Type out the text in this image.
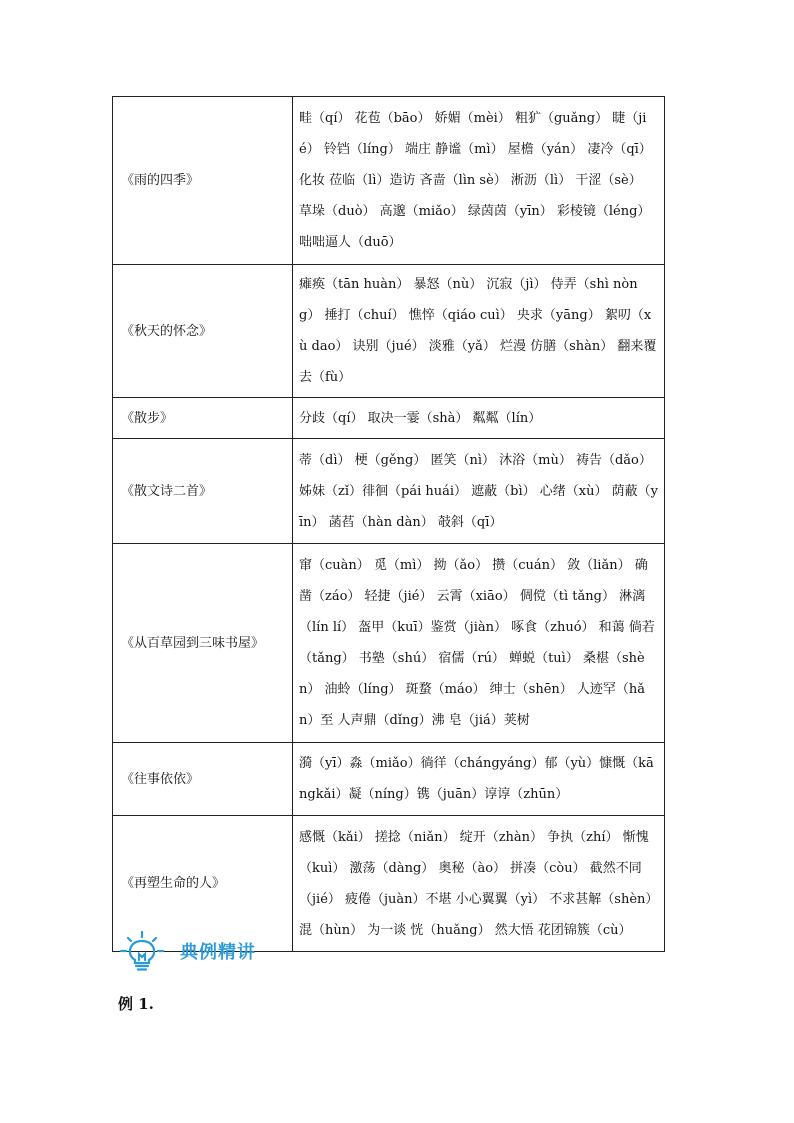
《雨的四季》	畦（qí） 花苞（bāo） 娇媚（mèi） 粗犷（guǎng） 睫（jié） 铃铛（líng） 端庄 静谧（mì） 屋檐（yán） 凄冷（qī） 化妆 莅临（lì）造访 吝啬（lìn sè） 淅沥（lì） 干涩（sè） 草垛（duò） 高邈（miǎo） 绿茵茵（yīn） 彩棱镜（léng） 咄咄逼人（duō）
《秋天的怀念》	瘫痪（tān huàn） 暴怒（nù） 沉寂（jì） 侍弄（shì nòng） 捶打（chuí） 憔悴（qiáo cuì） 央求（yāng） 絮叨（xù dao） 诀别（jué） 淡雅（yǎ） 烂漫 仿膳（shàn） 翻来覆去（fù）
《散步》	分歧（qí） 取决一霎（shà） 粼粼（lín）
《散文诗二首》	蒂（dì） 梗（gěng） 匿笑（nì） 沐浴（mù） 祷告（dǎo） 姊妹（zǐ）徘徊（pái huái） 遮蔽（bì） 心绪（xù） 荫蔽（yīn） 菡萏（hàn dàn） 攲斜（qī）
《从百草园到三味书屋》	窜（cuàn） 觅（mì） 拗（ǎo） 攒（cuán） 敛（liǎn） 确凿（záo） 轻捷（jié） 云霄（xiāo） 倜傥（tì tǎng） 淋漓（lín lí） 盔甲（kuī）鉴赏（jiàn） 啄食（zhuó） 和蔼 倘若（tǎng） 书塾（shú） 宿儒（rú） 蝉蜕（tuì） 桑椹（shèn） 油蛉（líng） 斑蝥（máo） 绅士（shēn） 人迹罕（hǎn）至 人声鼎（dǐng）沸 皂（jiá）荚树
《往事依依》	漪（yī）淼（miǎo）徜徉（chángyáng）郁（yù）慷慨（kāngkǎi）凝（níng）镌（juān）谆谆（zhūn）
《再塑生命的人》	感慨（kǎi） 搓捻（niǎn） 绽开（zhàn） 争执（zhí） 惭愧（kuì） 激荡（dàng） 奥秘（ào） 拼凑（còu） 截然不同（jié） 疲倦（juàn）不堪 小心翼翼（yì） 不求甚解（shèn）混（hùn） 为一谈 恍（huǎng） 然大悟 花团锦簇（cù）
典例精讲
例 1.
